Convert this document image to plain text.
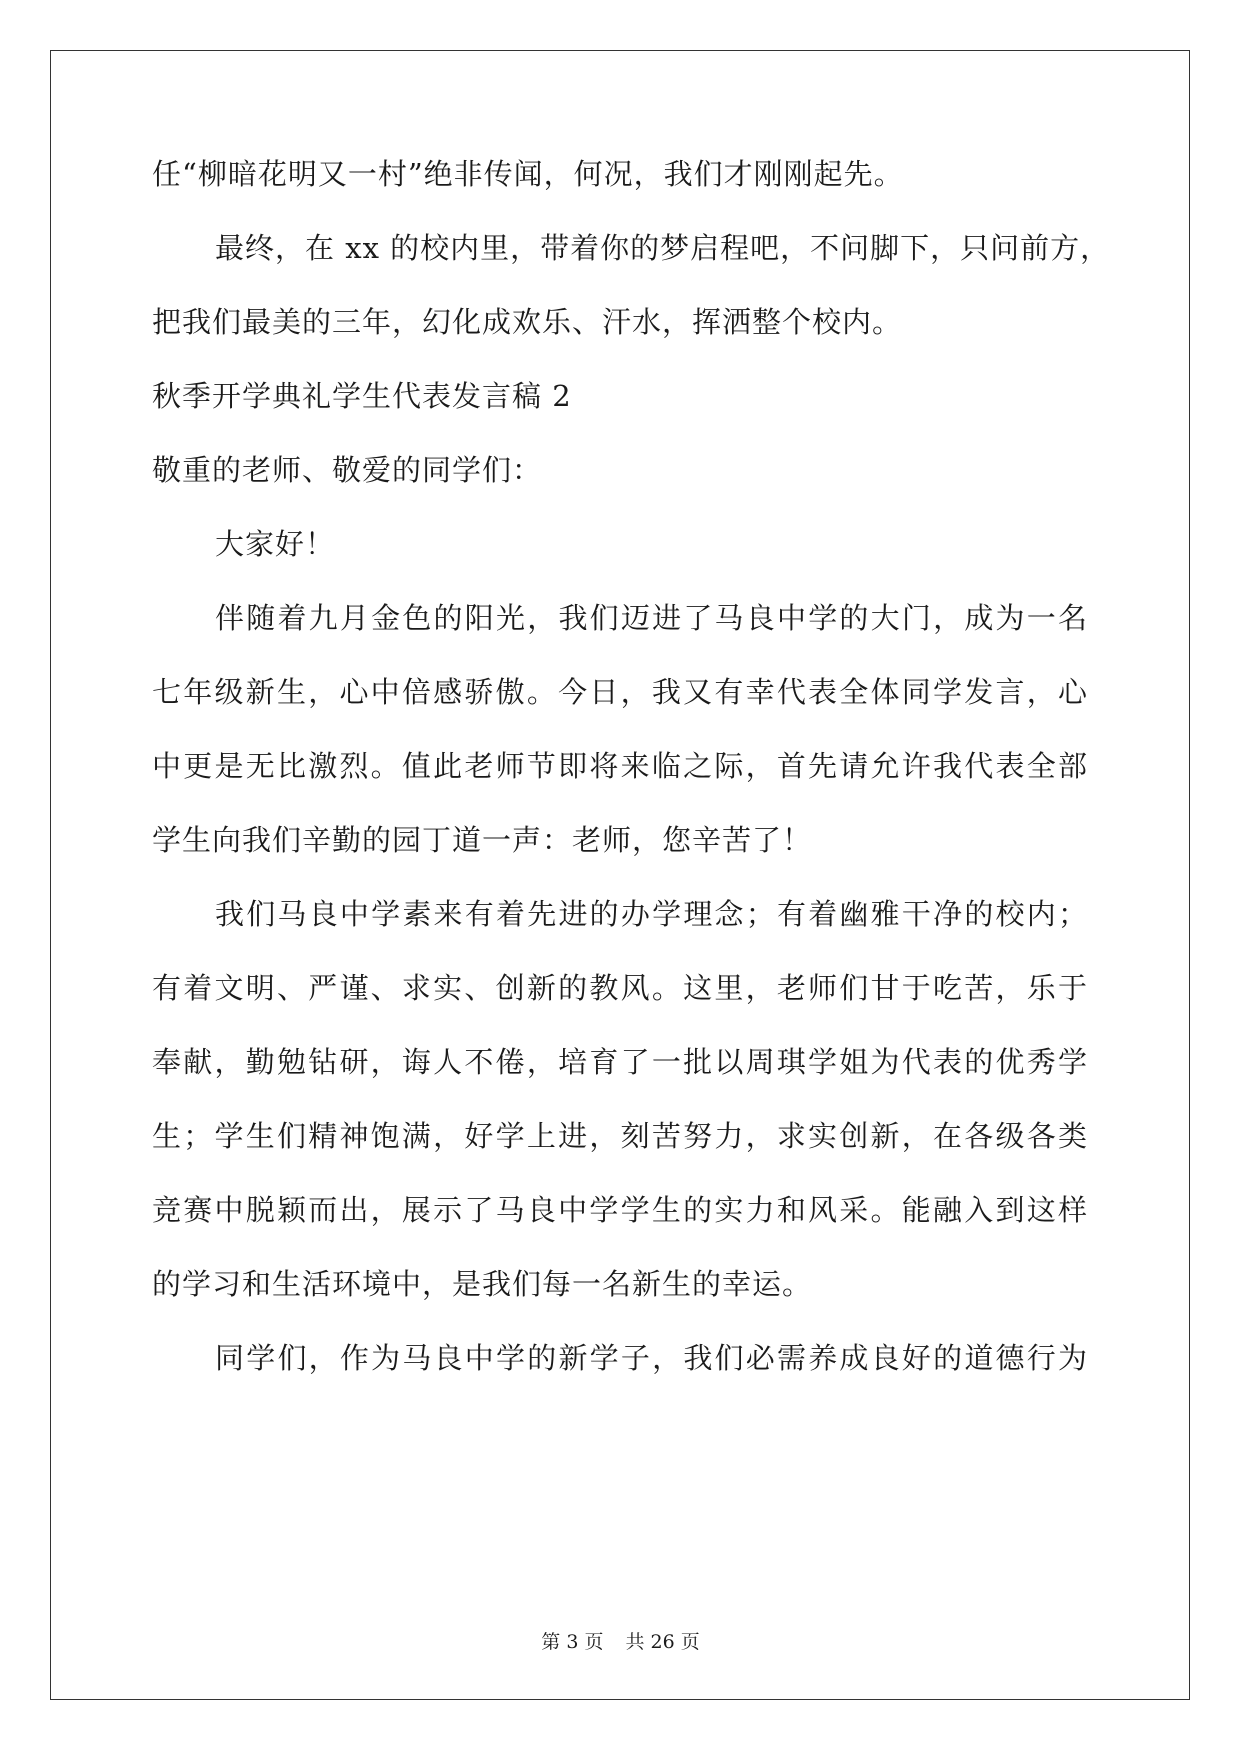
任“柳暗花明又一村”绝非传闻，何况，我们才刚刚起先。
最终，在 xx 的校内里，带着你的梦启程吧，不问脚下，只问前方，
把我们最美的三年，幻化成欢乐、汗水，挥洒整个校内。
秋季开学典礼学生代表发言稿 2
敬重的老师、敬爱的同学们：
大家好！
伴随着九月金色的阳光，我们迈进了马良中学的大门，成为一名
七年级新生，心中倍感骄傲。今日，我又有幸代表全体同学发言，心
中更是无比激烈。值此老师节即将来临之际，首先请允许我代表全部
学生向我们辛勤的园丁道一声：老师，您辛苦了！
我们马良中学素来有着先进的办学理念；有着幽雅干净的校内；
有着文明、严谨、求实、创新的教风。这里，老师们甘于吃苦，乐于
奉献，勤勉钻研，诲人不倦，培育了一批以周琪学姐为代表的优秀学
生；学生们精神饱满，好学上进，刻苦努力，求实创新，在各级各类
竞赛中脱颖而出，展示了马良中学学生的实力和风采。能融入到这样
的学习和生活环境中，是我们每一名新生的幸运。
同学们，作为马良中学的新学子，我们必需养成良好的道德行为
第 3 页 共 26 页
